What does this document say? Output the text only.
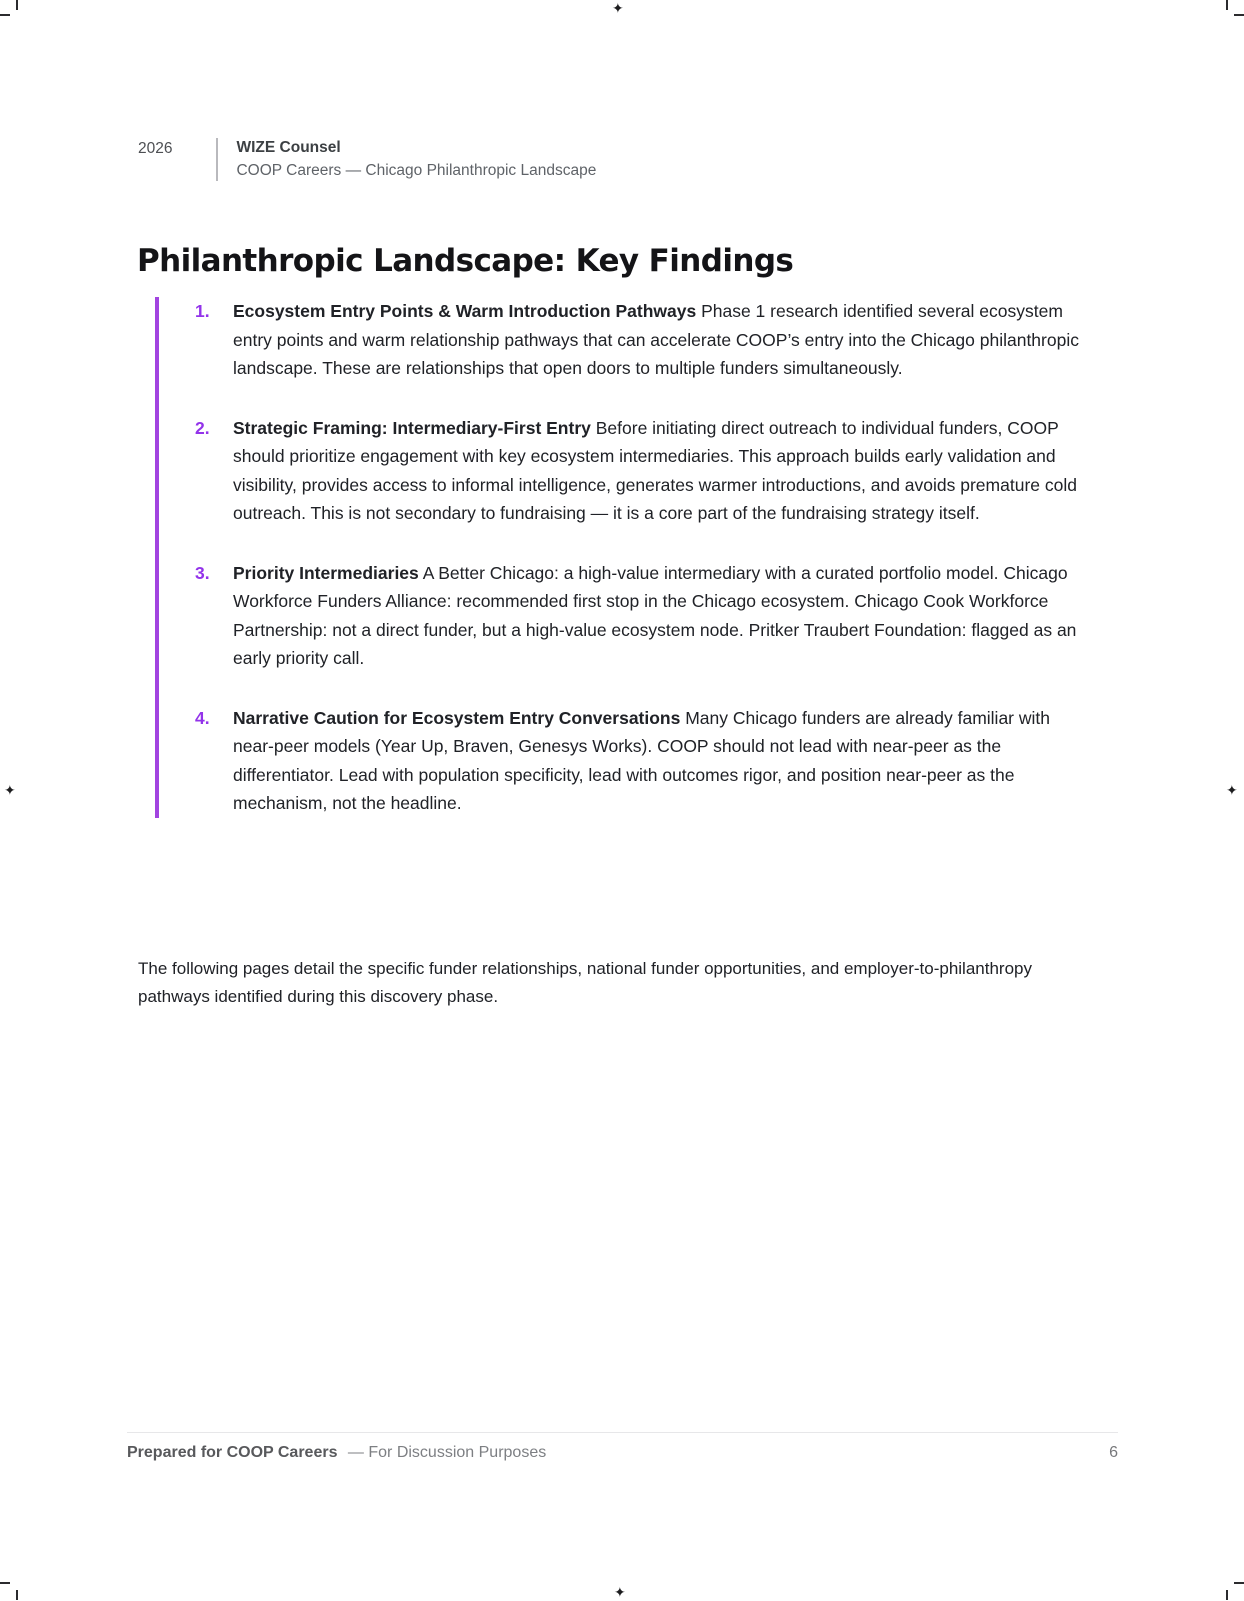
✦
✦	✦
✦
2026	WIZE Counsel
COOP Careers — Chicago Philanthropic Landscape
Philanthropic Landscape: Key Findings
1.	Ecosystem Entry Points & Warm Introduction Pathways Phase 1 research identified several ecosystem entry points and warm relationship pathways that can accelerate COOP’s entry into the Chicago philanthropic landscape. These are relationships that open doors to multiple funders simultaneously.
2.	Strategic Framing: Intermediary-First Entry Before initiating direct outreach to individual funders, COOP should prioritize engagement with key ecosystem intermediaries. This approach builds early validation and visibility, provides access to informal intelligence, generates warmer introductions, and avoids premature cold outreach. This is not secondary to fundraising — it is a core part of the fundraising strategy itself.
3.	Priority Intermediaries A Better Chicago: a high-value intermediary with a curated portfolio model. Chicago Workforce Funders Alliance: recommended first stop in the Chicago ecosystem. Chicago Cook Workforce Partnership: not a direct funder, but a high-value ecosystem node. Pritker Traubert Foundation: flagged as an early priority call.
4.	Narrative Caution for Ecosystem Entry Conversations Many Chicago funders are already familiar with near-peer models (Year Up, Braven, Genesys Works). COOP should not lead with near-peer as the differentiator. Lead with population specificity, lead with outcomes rigor, and position near-peer as the mechanism, not the headline.

The following pages detail the specific funder relationships, national funder opportunities, and employer-to-philanthropy pathways identified during this discovery phase.

Prepared for COOP Careers — For Discussion Purposes	6
